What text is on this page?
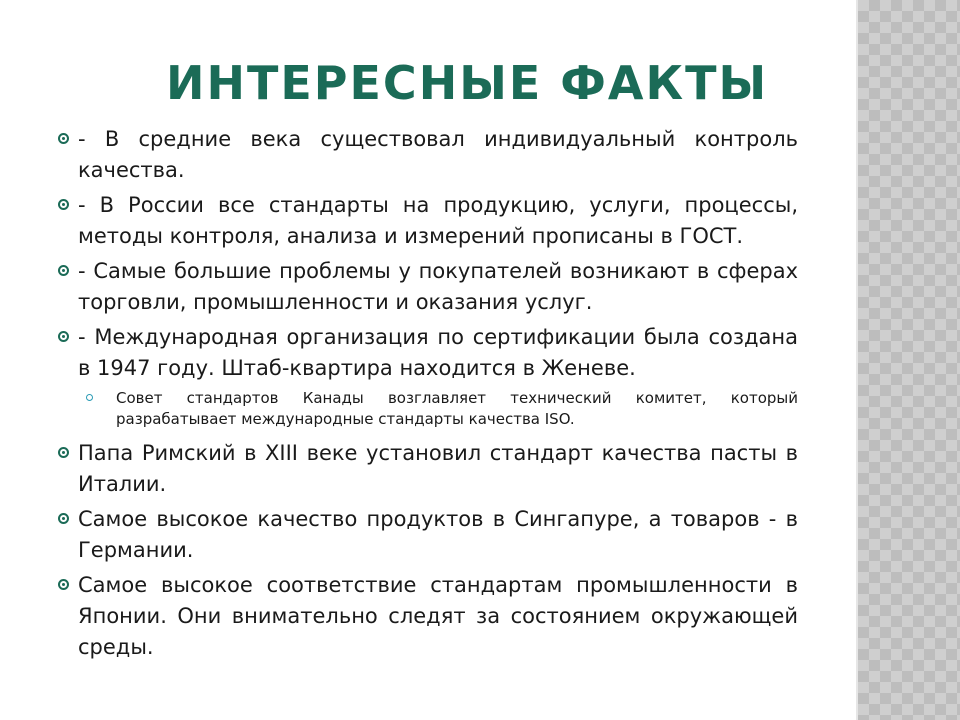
ИНТЕРЕСНЫЕ ФАКТЫ
- В средние века существовал индивидуальный контроль качества.
- В России все стандарты на продукцию, услуги, процессы, методы контроля, анализа и измерений прописаны в ГОСТ.
- Самые большие проблемы у покупателей возникают в сферах торговли, промышленности и оказания услуг.
- Международная организация по сертификации была создана в 1947 году. Штаб-квартира находится в Женеве.
Совет стандартов Канады возглавляет технический комитет, который разрабатывает международные стандарты качества ISO.
Папа Римский в XIII веке установил стандарт качества пасты в Италии.
Самое высокое качество продуктов в Сингапуре, а товаров - в Германии.
Самое высокое соответствие стандартам промышленности в Японии. Они внимательно следят за состоянием окружающей среды.
